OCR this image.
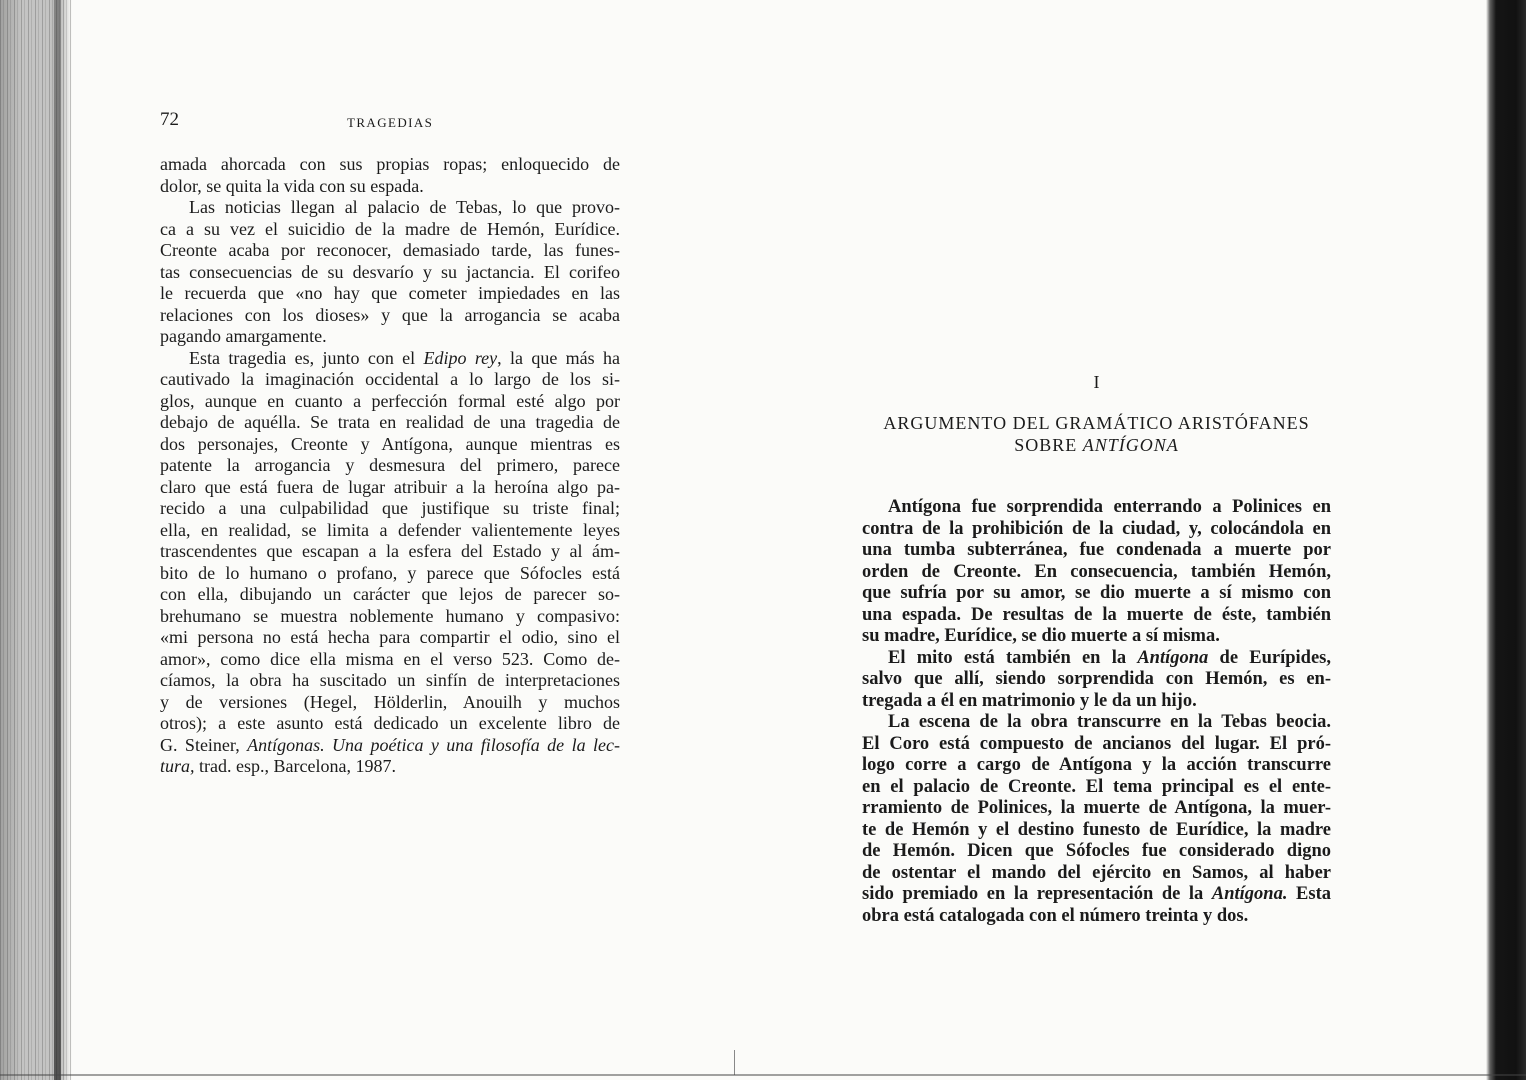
72	TRAGEDIAS
amada ahorcada con sus propias ropas; enloquecido de
dolor, se quita la vida con su espada.
Las noticias llegan al palacio de Tebas, lo que provo-
ca a su vez el suicidio de la madre de Hemón, Eurídice.
Creonte acaba por reconocer, demasiado tarde, las funes-
tas consecuencias de su desvarío y su jactancia. El corifeo
le recuerda que «no hay que cometer impiedades en las
relaciones con los dioses» y que la arrogancia se acaba
pagando amargamente.
Esta tragedia es, junto con el Edipo rey, la que más ha
cautivado la imaginación occidental a lo largo de los si-
glos, aunque en cuanto a perfección formal esté algo por
debajo de aquélla. Se trata en realidad de una tragedia de
dos personajes, Creonte y Antígona, aunque mientras es
patente la arrogancia y desmesura del primero, parece
claro que está fuera de lugar atribuir a la heroína algo pa-
recido a una culpabilidad que justifique su triste final;
ella, en realidad, se limita a defender valientemente leyes
trascendentes que escapan a la esfera del Estado y al ám-
bito de lo humano o profano, y parece que Sófocles está
con ella, dibujando un carácter que lejos de parecer so-
brehumano se muestra noblemente humano y compasivo:
«mi persona no está hecha para compartir el odio, sino el
amor», como dice ella misma en el verso 523. Como de-
cíamos, la obra ha suscitado un sinfín de interpretaciones
y de versiones (Hegel, Hölderlin, Anouilh y muchos
otros); a este asunto está dedicado un excelente libro de
G. Steiner, Antígonas. Una poética y una filosofía de la lec-
tura, trad. esp., Barcelona, 1987.
I
ARGUMENTO DEL GRAMÁTICO ARISTÓFANES
SOBRE ANTÍGONA
Antígona fue sorprendida enterrando a Polinices en
contra de la prohibición de la ciudad, y, colocándola en
una tumba subterránea, fue condenada a muerte por
orden de Creonte. En consecuencia, también Hemón,
que sufría por su amor, se dio muerte a sí mismo con
una espada. De resultas de la muerte de éste, también
su madre, Eurídice, se dio muerte a sí misma.
El mito está también en la Antígona de Eurípides,
salvo que allí, siendo sorprendida con Hemón, es en-
tregada a él en matrimonio y le da un hijo.
La escena de la obra transcurre en la Tebas beocia.
El Coro está compuesto de ancianos del lugar. El pró-
logo corre a cargo de Antígona y la acción transcurre
en el palacio de Creonte. El tema principal es el ente-
rramiento de Polinices, la muerte de Antígona, la muer-
te de Hemón y el destino funesto de Eurídice, la madre
de Hemón. Dicen que Sófocles fue considerado digno
de ostentar el mando del ejército en Samos, al haber
sido premiado en la representación de la Antígona. Esta
obra está catalogada con el número treinta y dos.
